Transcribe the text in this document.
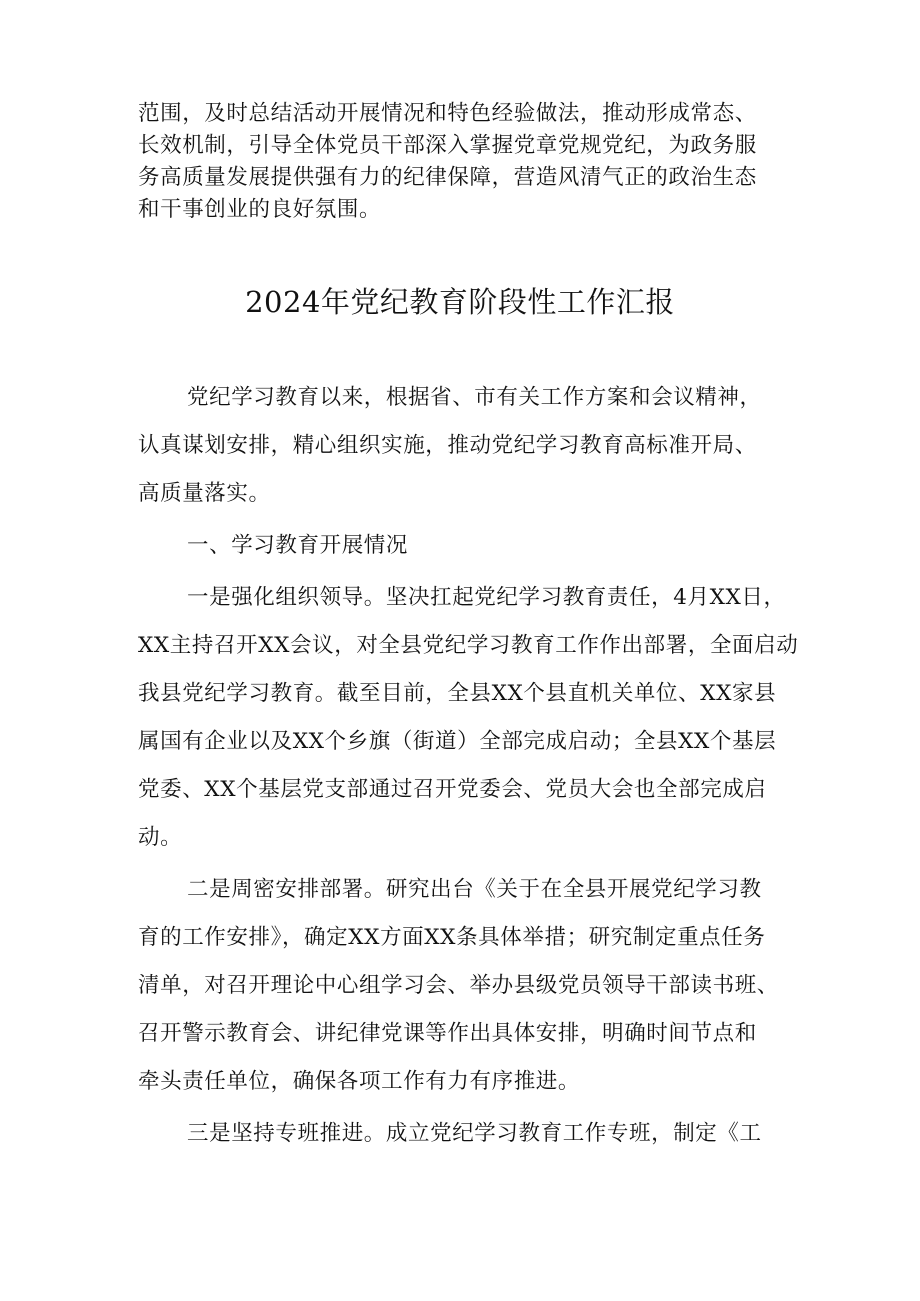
范围，及时总结活动开展情况和特色经验做法，推动形成常态、
长效机制，引导全体党员干部深入掌握党章党规党纪，为政务服
务高质量发展提供强有力的纪律保障，营造风清气正的政治生态
和干事创业的良好氛围。
2024年党纪教育阶段性工作汇报
党纪学习教育以来，根据省、市有关工作方案和会议精神，
认真谋划安排，精心组织实施，推动党纪学习教育高标准开局、
高质量落实。
一、学习教育开展情况
一是强化组织领导。坚决扛起党纪学习教育责任，4月XX日，
XX主持召开XX会议，对全县党纪学习教育工作作出部署，全面启动
我县党纪学习教育。截至目前，全县XX个县直机关单位、XX家县
属国有企业以及XX个乡旗（街道）全部完成启动；全县XX个基层
党委、XX个基层党支部通过召开党委会、党员大会也全部完成启
动。
二是周密安排部署。研究出台《关于在全县开展党纪学习教
育的工作安排》，确定XX方面XX条具体举措；研究制定重点任务
清单，对召开理论中心组学习会、举办县级党员领导干部读书班、
召开警示教育会、讲纪律党课等作出具体安排，明确时间节点和
牵头责任单位，确保各项工作有力有序推进。
三是坚持专班推进。成立党纪学习教育工作专班，制定《工
